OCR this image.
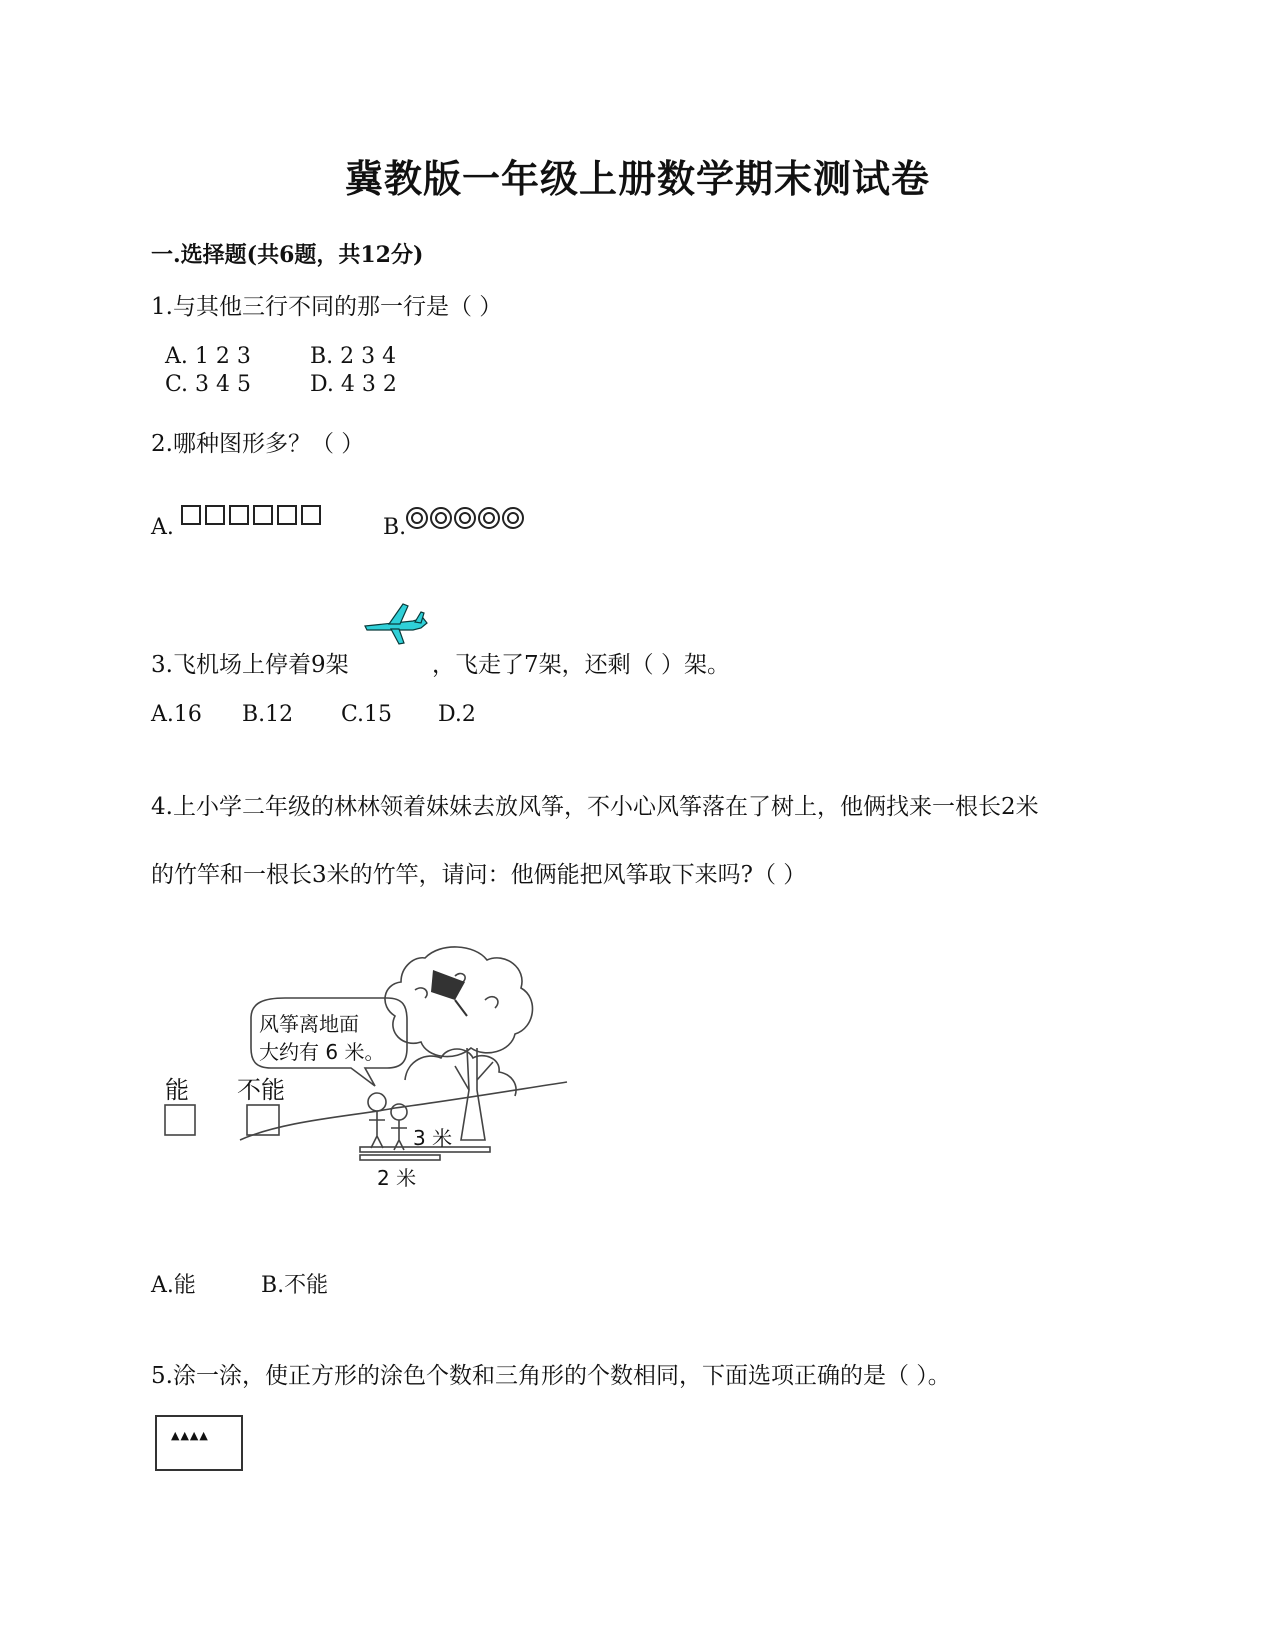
冀教版一年级上册数学期末测试卷
一.选择题(共6题，共12分)
1.与其他三行不同的那一行是（ ）
A. 1 2 3	B. 2 3 4
C. 3 4 5	D. 4 3 2
2.哪种图形多？（ ）
A.	B.
3.飞机场上停着9架	，飞走了7架，还剩（ ）架。
A.16 B.12 C.15 D.2
4.上小学二年级的林林领着妹妹去放风筝，不小心风筝落在了树上，他俩找来一根长2米
的竹竿和一根长3米的竹竿，请问：他俩能把风筝取下来吗?（ ）
风筝离地面
大约有 6 米。
能 不能
3 米
2 米
A.能	B.不能
5.涂一涂，使正方形的涂色个数和三角形的个数相同，下面选项正确的是（ ）。
▲▲▲▲
